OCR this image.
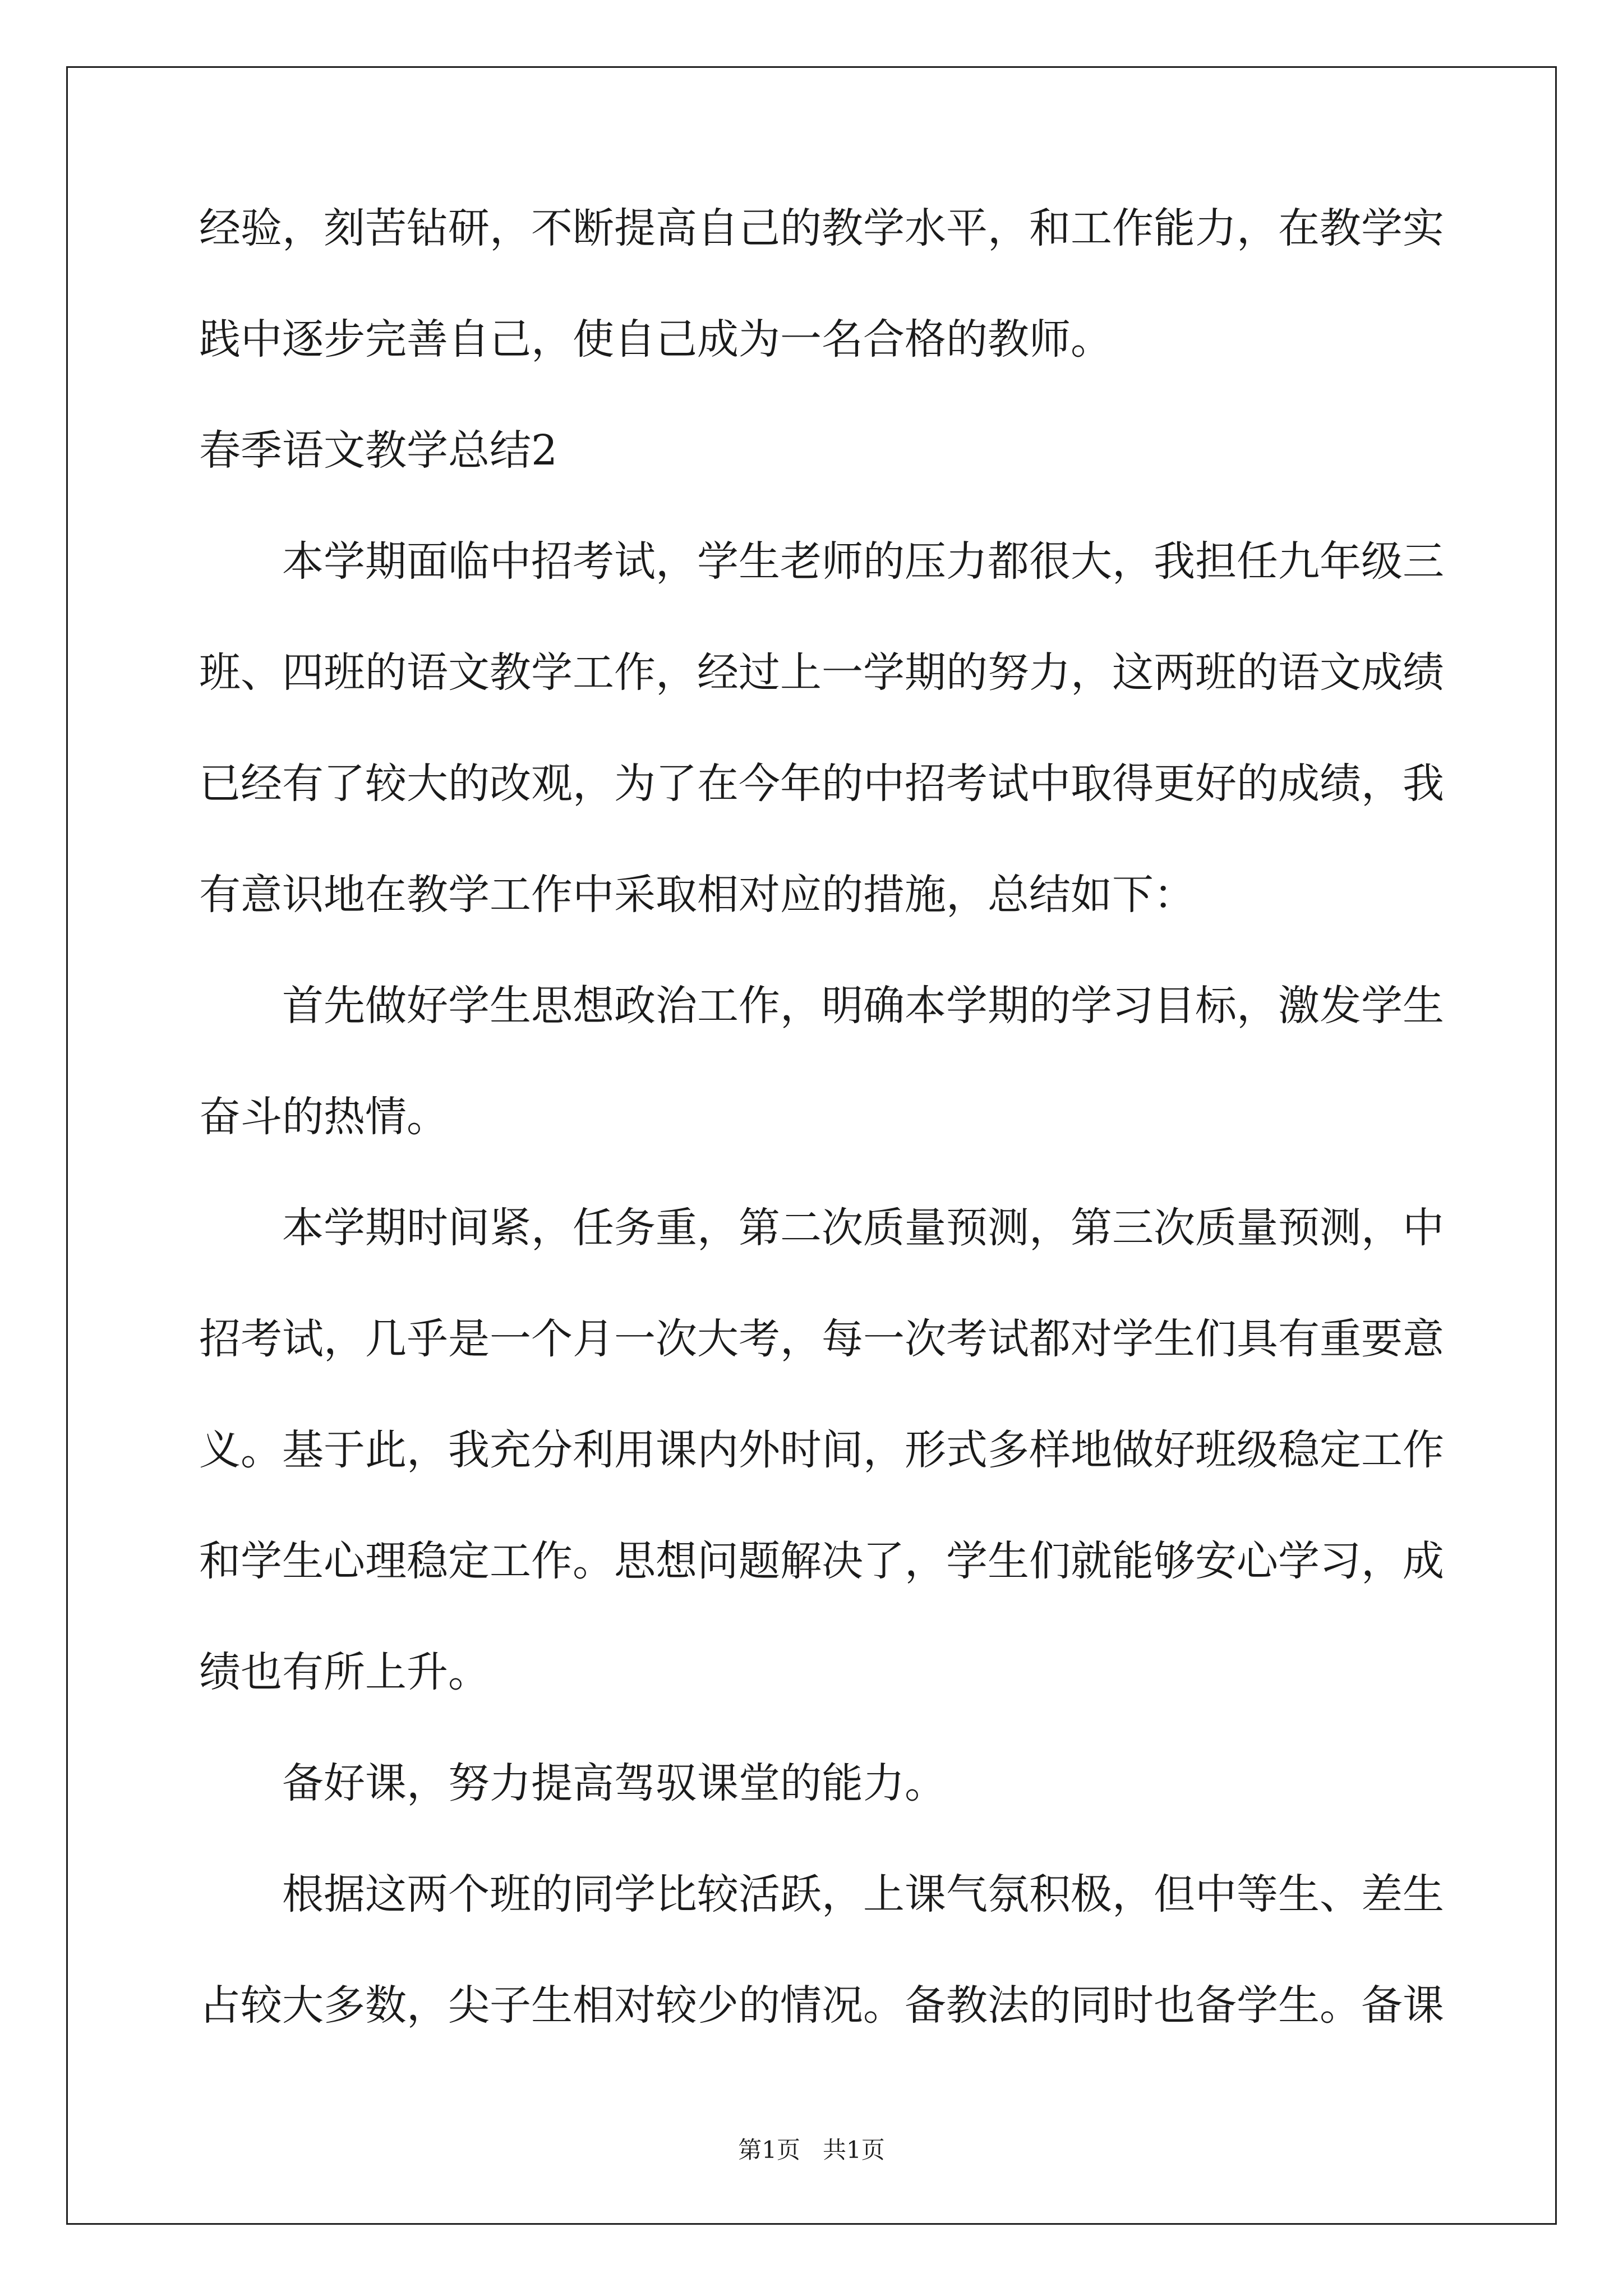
经验，刻苦钻研，不断提高自己的教学水平，和工作能力，在教学实
践中逐步完善自己，使自己成为一名合格的教师。
春季语文教学总结2
本学期面临中招考试，学生老师的压力都很大，我担任九年级三
班、四班的语文教学工作，经过上一学期的努力，这两班的语文成绩
已经有了较大的改观，为了在今年的中招考试中取得更好的成绩，我
有意识地在教学工作中采取相对应的措施，总结如下：
首先做好学生思想政治工作，明确本学期的学习目标，激发学生
奋斗的热情。
本学期时间紧，任务重，第二次质量预测，第三次质量预测，中
招考试，几乎是一个月一次大考，每一次考试都对学生们具有重要意
义。基于此，我充分利用课内外时间，形式多样地做好班级稳定工作
和学生心理稳定工作。思想问题解决了，学生们就能够安心学习，成
绩也有所上升。
备好课，努力提高驾驭课堂的能力。
根据这两个班的同学比较活跃，上课气氛积极，但中等生、差生
占较大多数，尖子生相对较少的情况。备教法的同时也备学生。备课
第1页   共1页
